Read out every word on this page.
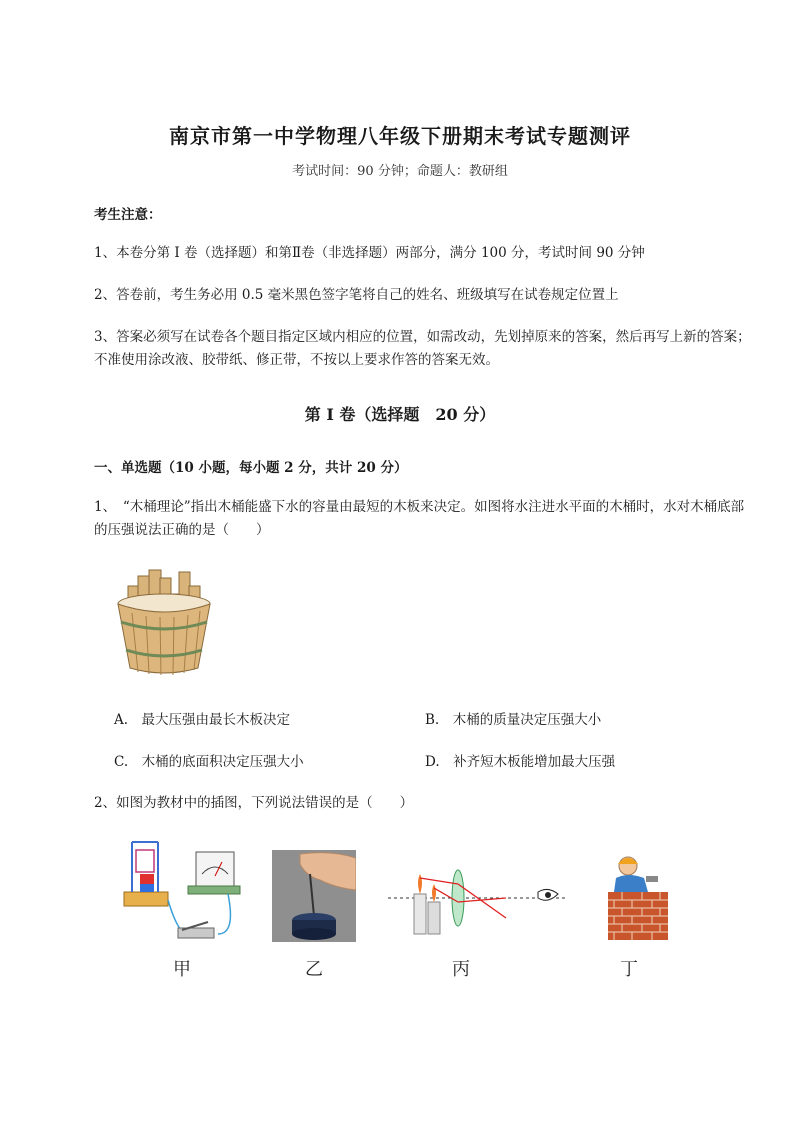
南京市第一中学物理八年级下册期末考试专题测评
考试时间：90 分钟；命题人：教研组
考生注意：
1、本卷分第 I 卷（选择题）和第Ⅱ卷（非选择题）两部分，满分 100 分，考试时间 90 分钟
2、答卷前，考生务必用 0.5 毫米黑色签字笔将自己的姓名、班级填写在试卷规定位置上
3、答案必须写在试卷各个题目指定区域内相应的位置，如需改动，先划掉原来的答案，然后再写上新的答案；不准使用涂改液、胶带纸、修正带，不按以上要求作答的答案无效。
第 I 卷（选择题　20 分）
一、单选题（10 小题，每小题 2 分，共计 20 分）
1、　“木桶理论”指出木桶能盛下水的容量由最短的木板来决定。如图将水注进水平面的木桶时，水对木桶底部的压强说法正确的是（　　）
A.　最大压强由最长木板决定	B.　木桶的质量决定压强大小
C.　木桶的底面积决定压强大小	D.　补齐短木板能增加最大压强
2、如图为教材中的插图，下列说法错误的是（　　）
甲	乙	丙	丁
